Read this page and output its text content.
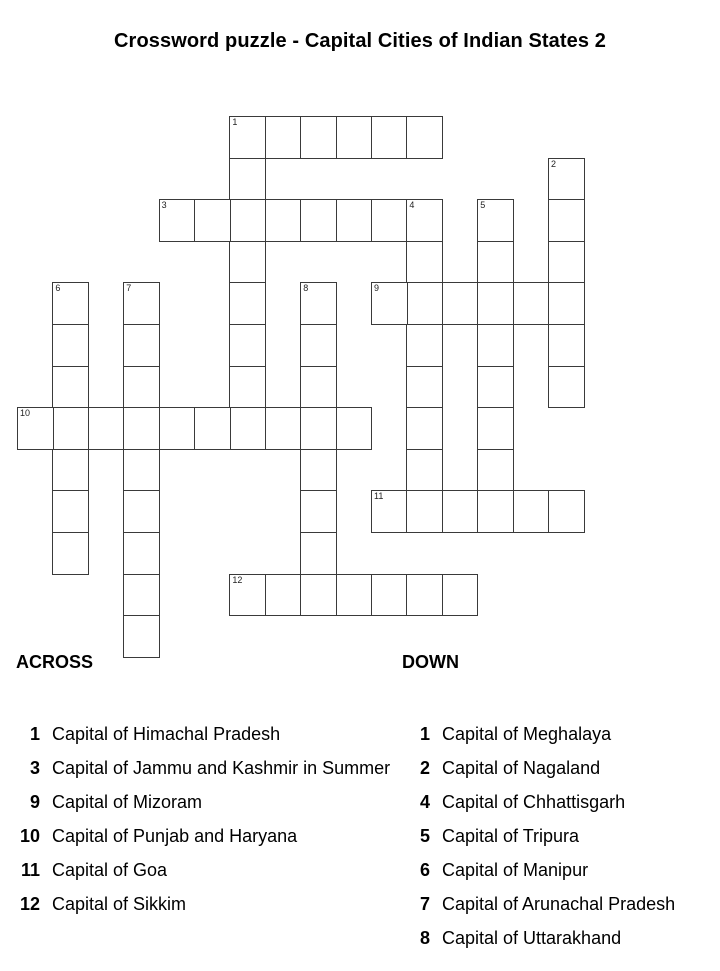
Crossword puzzle - Capital Cities of Indian States 2
1
2
3	4	5
6	7	8	9
10
11
12
ACROSS	DOWN
1 Capital of Himachal Pradesh
3 Capital of Jammu and Kashmir in Summer
9 Capital of Mizoram
10 Capital of Punjab and Haryana
11 Capital of Goa
12 Capital of Sikkim
1 Capital of Meghalaya
2 Capital of Nagaland
4 Capital of Chhattisgarh
5 Capital of Tripura
6 Capital of Manipur
7 Capital of Arunachal Pradesh
8 Capital of Uttarakhand
